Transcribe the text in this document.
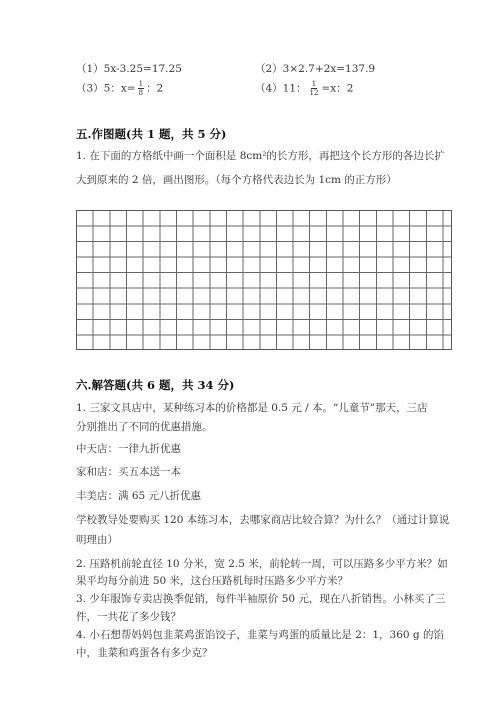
（1）5x-3.25=17.25	（2）3×2.7+2x=137.9
（3）5：$x= \frac{1}{8}$ ：2	（4）11： $\frac{1}{12} =x$：2
五.作图题(共 1 题，共 5 分)
1. 在下面的方格纸中画一个面积是 8cm²的长方形，再把这个长方形的各边长扩
大到原来的 2 倍，画出图形。（每个方格代表边长为 1cm 的正方形）
六.解答题(共 6 题，共 34 分)
1. 三家文具店中，某种练习本的价格都是 0.5 元 / 本。“儿童节”那天，三店
分别推出了不同的优惠措施。
中天店：一律九折优惠
家和店：买五本送一本
丰美店：满 65 元八折优惠
学校教导处要购买 120 本练习本，去哪家商店比较合算？为什么？（通过计算说
明理由）
2. 压路机前轮直径 10 分米，宽 2.5 米，前轮转一周，可以压路多少平方米？如
果平均每分前进 50 米，这台压路机每时压路多少平方米？
3. 少年服饰专卖店换季促销，每件半袖原价 50 元，现在八折销售。小林买了三
件，一共花了多少钱？
4. 小石想帮妈妈包韭菜鸡蛋馅饺子，韭菜与鸡蛋的质量比是 2：1，360 g 的馅
中，韭菜和鸡蛋各有多少克？
